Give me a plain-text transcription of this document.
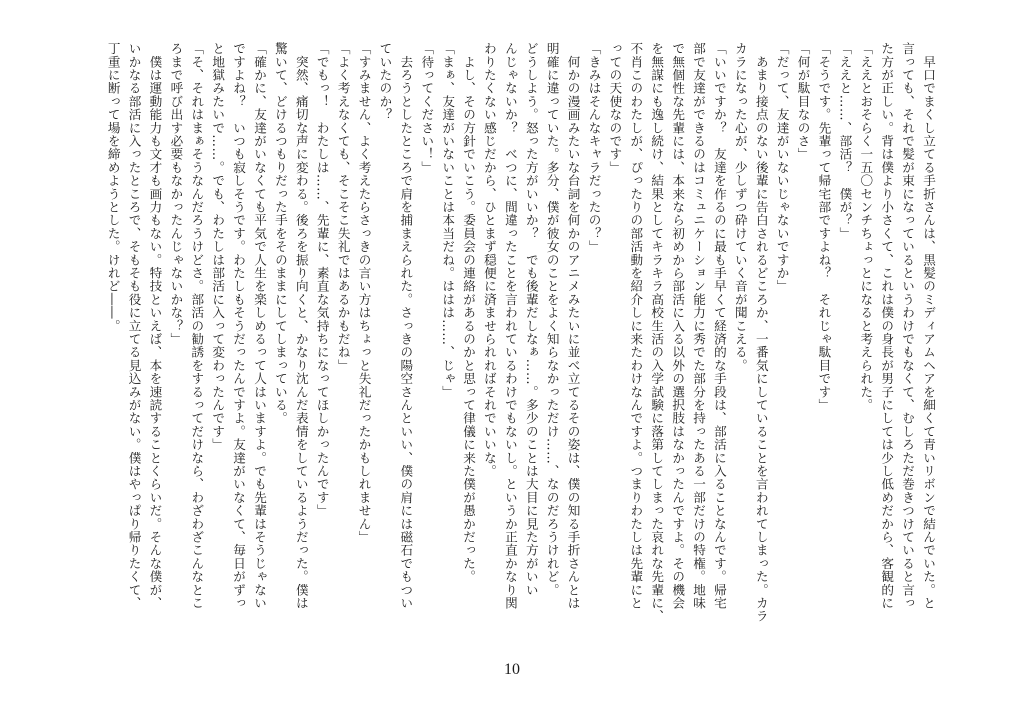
　早口でまくし立てる手折さんは、黒髪のミディアムヘアを細くて青いリボンで結んでいた。と
言っても、それで髪が束になっているというわけでもなくて、むしろただ巻きつけていると言っ
た方が正しい。背は僕より小さくて、これは僕の身長が男子にしては少し低めだから、客観的に
「ええとおそらく一五〇センチちょっとになると考えられた。
「ええと……、部活？　僕が？」
「そうです。先輩って帰宅部ですよね？　それじゃ駄目です」
「何が駄目なのさ」
「だって、友達がいないじゃないですか」
　あまり接点のない後輩に告白されるどころか、一番気にしていることを言われてしまった。カラ
カラになった心が、少しずつ砕けていく音が聞こえる。
「いいですか？　友達を作るのに最も手早くて経済的な手段は、部活に入ることなんです。帰宅
部で友達ができるのはコミュニケーション能力に秀でた部分を持ったある一部だけの特権。地味
で無個性な先輩には、本来なら初めから部活に入る以外の選択肢はなかったんですよ。その機会
を無謀にも逸し続け、結果としてキラキラ高校生活の入学試験に落第してしまった哀れな先輩に、
不肖このわたしが、ぴったりの部活動を紹介しに来たわけなんですよ。つまりわたしは先輩にと
っての天使なのです」
「きみはそんなキャラだったの？」
　何かの漫画みたいな台詞を何かのアニメみたいに並べ立てるその姿は、僕の知る手折さんとは
明確に違っていた。多分、僕が彼女のことをよく知らなかっただけ……、なのだろうけれど。
どうしよう。怒った方がいいか？　でも後輩だしなぁ……。多少のことは大目に見た方がいい
んじゃないか？　べつに、間違ったことを言われているわけでもないし。というか正直かなり関
わりたくない感じだから、ひとまず穏便に済ませられればそれでいいな。
　よし、その方針でいこう。委員会の連絡があるのかと思って律儀に来た僕が愚かだった。
「まぁ、友達がいないことは本当だね。ははは……、じゃ」
「待ってください！」
　去ろうとしたところで肩を捕まえられた。さっきの陽空さんといい、僕の肩には磁石でもつい
ていたのか？
「すみません、よく考えたらさっきの言い方はちょっと失礼だったかもしれません」
「よく考えなくても、そこそこ失礼ではあるかもだね」
「でもっ！　わたしは……、先輩に、素直な気持ちになってほしかったんです」
　突然、痛切な声に変わる。後ろを振り向くと、かなり沈んだ表情をしているようだった。僕は
驚いて、どけるつもりだった手をそのままにしてしまっている。
「確かに、友達がいなくても平気で人生を楽しめるって人はいますよ。でも先輩はそうじゃない
ですよね？　いつも寂しそうです。わたしもそうだったんですよ。友達がいなくて、毎日がずっ
と地獄みたいで……。でも、わたしは部活に入って変わったんです」
「そ、それはまぁそうなんだろうけどさ。部活の勧誘をするってだけなら、わざわざこんなとこ
ろまで呼び出す必要もなかったんじゃないかな？」
　僕は運動能力も文才も画力もない。特技といえば、本を速読することくらいだ。そんな僕が、
いかなる部活に入ったところで、そもそも役に立てる見込みがない。僕はやっぱり帰りたくて、
丁重に断って場を締めようとした。けれど――。
10
